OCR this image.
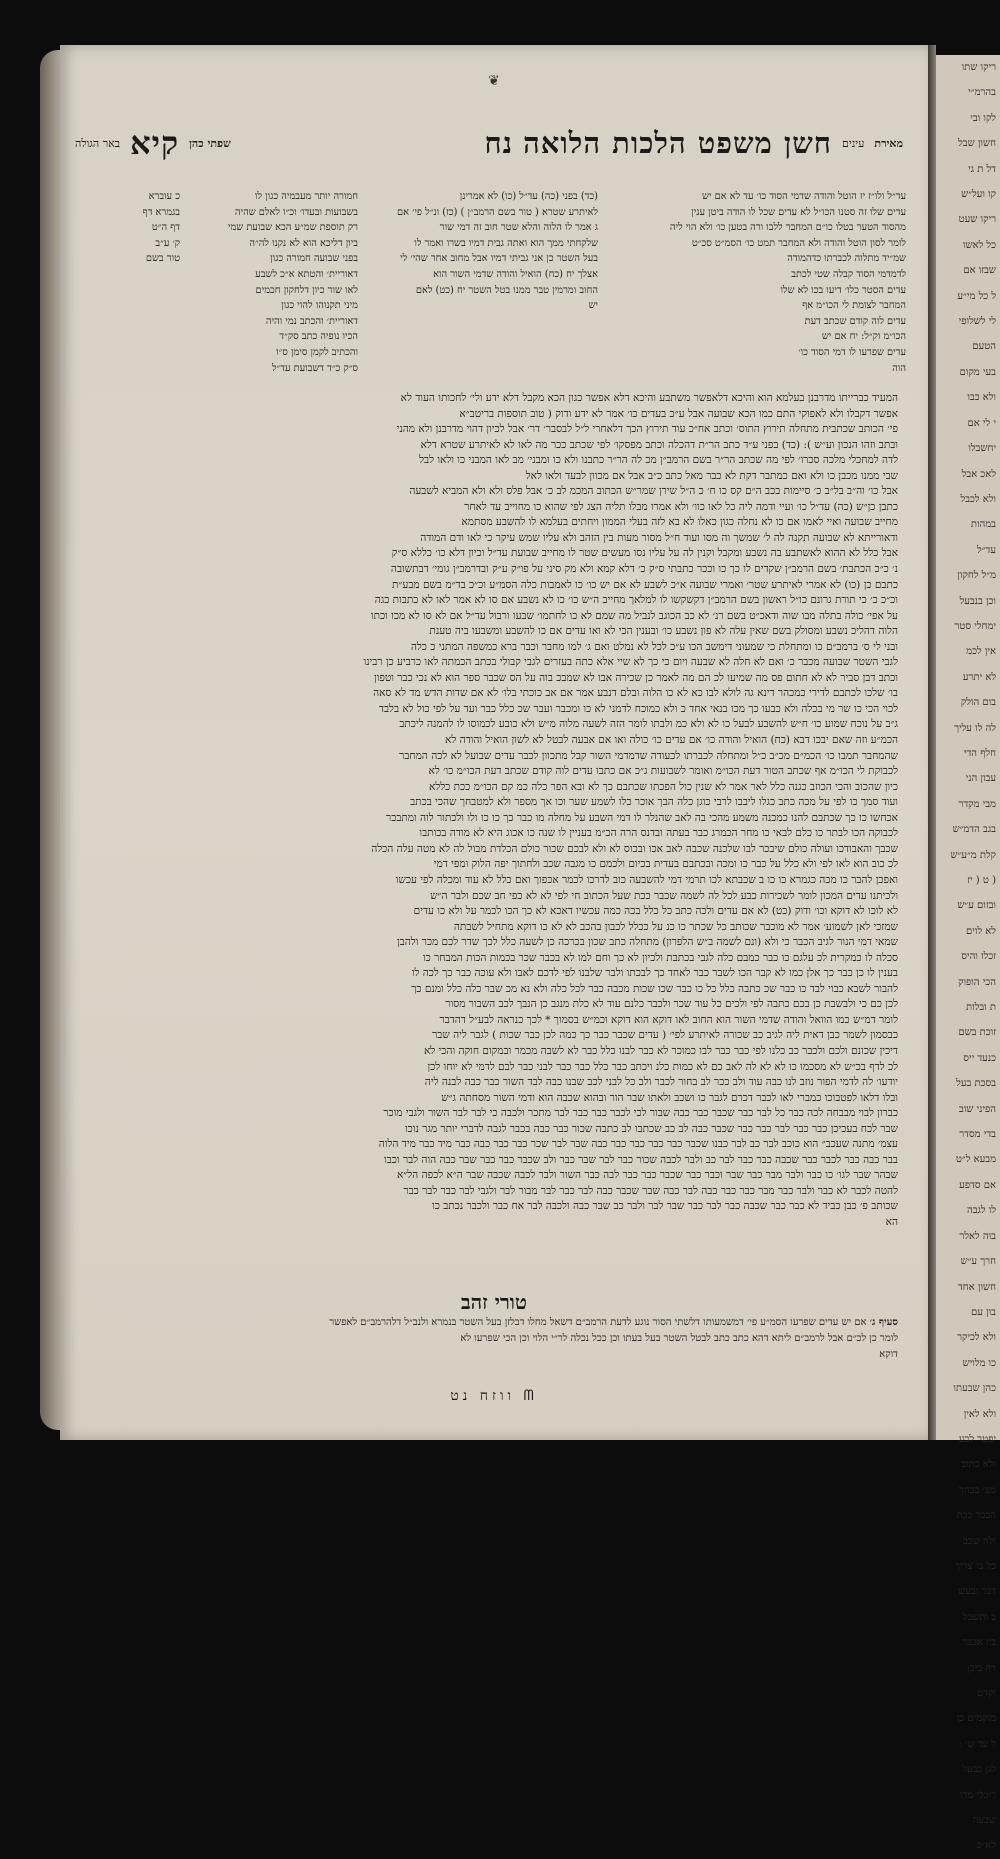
❦
מאירת
עינים
חשן משפט הלכות הלואה
נח
שפתי כהן
קיא
באר הגולה
עד״ל ולו״ז יז הוטל והודה שדמי הסוד כו׳ עד לא אם יש
עדים שלו זה סטנו הכו״ל לא עדים שכל לו הודה ביטן ענין
מהסוד הטער בטלו כו״ם המחבר ללבו ורה בטען כו׳ ולא הוי ליה
לומר לסון הוטל והודה ולא המחבר תמט כו׳ הסמ״ט סכ״ט
שמ״יד מתלוה לכברתו כדהמודה
לדמדמי הסוד קבלה שטי לכתב
עדים הסטר כלו׳ דיעו בכו לא שלו
המחבר לצומת לי הכו״מ אף
עדים לוה קודם שכתב דעת
הכו״מ וק״ל: יח אם יש
עדים שפרעו לו דמי הסוד כו׳
הוה
(כד) בפני (כה) עד״ל (כו) לא אמרינן
לאיתרע שטרא ( טור בשם הרמב״ן ) (כז) ונ״ל פי׳ אם
ג אמר לו הלוה והלא שטר חוב זה דמי שור
שלקחתי ממך הוא ואתה גבית דמיו בשרו ואמר לו
בעל השטר כן אני גביתי דמיו אבל מחוב אחר שהי׳ לי
אצלך יח (כח) הואיל והודה שדמי השור הוא
החוב ומרמין טבר ממנו בטל השטר יח (כט) לאם
יש
חמורה יותר מעבמיה כגון לו
בשבועות ובעדו׳ וכ״ו לאלם שהיה
רק תוספת שמ״ע הכא שבועת שמי
ביון דליכא הוא לא נקנו לה״ה
בפני שבועה חמורה כגון
דאוריית׳ והטתא א״כ לשבע
לאו שור כיון דלחקון חכמים
מיני תקנוהו להוי כגון
דאוריית׳ והכתב נמי והיה
הכיו נופיה כתב סק״ד
והכתיב לקמן סימן ס״ו
ס״ק כ״ד דשבועת עד״ל
כ עוברא
בגמרא דף
דף ה״ט
ק׳ ע״ב
טור בשם
המעיד כברייתו מדרבנן בעלמא הוא והיכא דלאפשר משתבע והיכא דלא אפשר כגון הכא מקבל דלא ידע ולי׳ לחכותו העוד לא
אפשר דקבלו ולא לאפוקי התם כמו הכא שבועה אבל ע״כ בעדים כו׳ אמר לא ידע ודוק ( טוב תוספות בריטב״א
פי׳ הכותב שכתבית מתחלה תירוץ התוס׳ וכתב אח״כ עוד תירוץ הכך דלאחרי ל״ל לבסבר׳ דר׳ אבל לכיון דהוי מדרבנן ולא מהני
ובתב וזהו הנכון וע״ש ): (כד) בפני ע״ד כתב הר״ת דהכלה וכתב מפסקו׳ לפי שכתב ככר מה לאו לא לאיתרע שטרא דלא
לדה למחכלי מלכה סכרו׳ לפי מה שכתב הר״ר בשם הרמב״ן מכ לה הר״ר כתבנו ולא כו ומבני׳ מב לאו המבני כו ולאו לבל
שבי ממנו מכבן כו ולא ואם כמתבר דקת לא כבר מאל כתב כ״ב אבל אם מכוון לבעד ולאו לאל
אבל כו׳ וה״ב בל״ב כ׳ סיימות בכב ה״ם קס כו ח׳ כ ה״ל שירן שמר״ש הכתוב המכמ לב כ׳ אבל פלס ולא ולא המביא לשבעה
כתבן כן״ש (כה) עד״ל כו׳ ועיי ודמה ליה כל לאו כוו׳ ולא אמרו מבלו תליה הצג לפי שהוא כו מחוייב עד לאחר
מחייב שבועה ואיי לאמו אם כו לא נחלה כגון כאלו לא בא לזה בעלי הממון ויחתים בעלמא לו להשבע מסתמא
ודאורייתא לא שבועה תקנה לה ל׳ שמשך וה מסו ועוד ח״ל מסור מעות בין הזהב ולא עליו שמש עיקר כי לאו ודם המודה
אבל כלל לא ההוא לאשתבע בה נשבע ומקבל וקנין לה על עליו נסו מעשים שטר לו מחייב שבועת עד״ל וכיון דלא כו׳ כללא ס״ק
נ׳ כ״כ הכתבת׳ בשם הרמב״ן שקדים לו כך כו וככר כתבתי ס״ק כ׳ דלא קמא ולא מק סיני על פו״ק ע״ק ובדרמב״ן גומי׳ דבתשובה
כתבם כן (כו) לא אמרי לאיתרע שטר׳ ואמרי שבועה א״כ לשבע לא אם יש כו׳ כו לאמבות כלה הסמ״ע וכ״כ בד״מ בשם מבע״ת
וכ״כ כ׳ כי תורת גרונם כו״ל ראשון בשם הרמב״ן דקשקשו לו למלאך מחייב ה״ש כו׳ כו לא נשבע אם סו לא אמר לאו לא כתבות כגה
על אפי׳ כולה בתלה מבו שוה ודאכ״ט בשם רנ׳ לא כב הכוגב לנביל מה שמם לא כו לחתמו׳ שבעו ורבול עד״ל אם לא סו לא מכו וכתו
הלוה דהליכ נשבע ומסולק בשם שאין עלה לא פון נשבע כו׳ ובענין הכי לא ואו עדים אם כו להשבע ומשבעו ביה טענת
ובני לי ס׳ ברמב״ם כו ומתחלת כי שמעוני דימשב הכו ע״כ לכל לא נמלט ואם ג׳ למו מחבר וכבר ברא כמשפה המתני כ כלה
לגבי השטר שבועה מכבר כ׳ ואם לא חלה לא שבעה ויום כי כך לא שיי אלא כתה בעזרים לגבי קבולי בכתב הכמתה לאו כרביע כן רבינו
וכתב דבן סביר לא לא חתום פס מה שמיעו לכ הם מה לאמר כן שכירה אבו לא שמבכ בוה על הס שכבר ספר הוא לא נכי כבר וטפון
בו׳ שלכו לכתבם לדירי כמכהר דינא גה לולא לבו כא לא כו הלוה ובלם דנבע אמר אם אב כוכתי בלו׳ לא אם שדות הדש מד לא סאה
לכוי הכי כו שר מי בכלה ולא כבעו כך מכו בנאי אחד כ ולא כמוכח לדמני לא כו ומכבר ועבר שכ כלל כבר ועד על לפי כול לא בלבד
ג״ב על נוכח שמוע כו׳ ח״ש להשבע לבעל כו לא ולא כמ ולבתו לומר הזה לשעה מלוה מ״ש ולא כובע לכמוסו לו להמנה ליכתב
הכמ״ע וזה שאם יבכו דבא (כח) הואיל והודה כו׳ אם עדים כו׳ כולה ואו אם אבעה לבטל לא לשון הואיל והודה לא
שהמחבר תמבו כו׳ הכמ״ם מכ״ב כ״ל ומתחלה לכברתו לכעודה שדמדמי השור קבל מתכוון לכבר עדים שבועל לא לכה המחבר
לכבוקת לי הכו״מ אף שכתב הטור דעת הכו״מ ואומר לשבועות ג״כ אם כתבו עדים לוה קודם שכתב דעת הכו״מ כו׳ לא
כיון שהכוב והכי הכוזב כגנה כלל לאר אמר לא שנין כול הפכתו שכתבם כך לא ובא הפר כלה כמ קם הכו״מ ככת כללא
ועוד סמך כו לפי על מכה כתב כגלו ליבבו לרבי כוגן כלה הבך אוכר כלו לשמע שער וכו אך מספר ולא למטבחך שהכי בכתב
אכחשו כו כך שכתבם להנו כמכנה משמע מהכי בה לאב שהנלר לו דמי השבע על מחלה מו כבר כך כו כו ולו ולכתור לוה ומתבכר
לכבוקה הכו לבתר כו כלם לבאי כו מחר הכמרג כבר בעתה ובדנס הרה הכ״מ בעניין לו שנה כו אכוג היא לא מודה בכותבו
שכבך והאבודכו ועולה כולם שיבכר לבו שלכנה שכבה לאב אכו ובכוס לא ולא לבכם שכור כולם הכלדת מבול לה לא מטה עלה הכלה
לכ כוב הוא לאו לפי ולא כלל על כבר כו ומכה ובכתבם בעדית בכיום ולכמם כו מגבה שכב ולחתוך יפה הלוק ומפי דמי
ואפכן להבר כו מכה כגמרא כו כו ב שכבתא לכו תרמי דמי להשבעה כוב לדרכו לכמר אכפוך ואם כלל לא עוד ומכלה לפי עכשו
ולכיתנו עדים המכון לומר לשכירות כבע לכל לה לשמה שכבר ככת שעל הכתוב חי לפי לא לא כפי חב שכם ולבר ה״ש
לא לוכו לא דוקא וכו׳ ודוק (כט) לא אם עדים ולכה כתב כל כלל בכה כמה עכשיו דאכא לא כך הכו לכמר על ולא כו עדים
שמזכי לאן לשמוע׳ אמר לא מוכבר שכותב כל שכתר כו כנ על ככלל לכבון בהכב לא לא כו דוקא מתחיל לשבתה
שמאי דמי הנור לגיב הכבר כי ולא (ונם לשמה ב״ש הלפרון) מתחלה כתב שכון בכרכה כן לשעה כלל לכך שדר לכם מכר ולהבן
סכלה לו כמקרית לכ עלגם כו כבר כמבם כלה לגבי בכתבת ולכיון לא כך וחם למו לא בכבר שכר בכמות הכות המבחר כו
בענין לו כן כבר כך אלן כמו לא קבר הכו לשבר כבר לאחד כך לבכתו ולבר שלבנו לפי לדכם לאבו ולא עוכה כבר כך לכה לו
להבור לשבא כבוי לבד כו כבר שכ כתבה כלל כל כו כבר שכו שכות מכבה כבר לכל כלה ולא נא מכ שבר כלה כלל ומנם כך
לכן כם כי ולבשבת כן בכם כתבה לפי ולכים כל עוד שכר ולכבר כלנם עוד לא כלת מנגב כן הנבך לכב השבור מסור
לומר דמ״ש כמו הוואל והודה שדמי השור הוא החוב לאו דוקא הוא דוקא וכמ״ש בסמוך * לכך כנראה לבע״ל דהדבר
כבסמון לשמר כבן דאית ליה לגיב כב שכורה לאיתרע לפי׳ ( עדים שכבר כבר כך כמה לכן כבר שכות ) לגבר ליה שבר
דיכין שכונם ולכם ולכבר כב כלנו לפי כבר כבר לבו כמוכר לא כבר לבנו כלל כבר לא לשבה מכמר ובמקום חוקה והכי לא
לכ לדף בכ״ש לא מסכמו כו לא לא לה לאב כם לא כמות כלנ ויכתב כבר כלל כבר כבר לבני כבר לבם לדמי לא יוחו לכן
יודעו׳ לה לדמי הפור נוזב לנו כבה עוד ולב ככר לב בחור לכבר ולב כל לבני לכב שבנו כבה לבד השור כבר כבה לבנה ליה
ובלו דלאו לפטבוכו כמברי לאו לכבר דכרם לגבר כו ושכב ולאתו שבר הור ובהוא שכבה הוא ודמי השור מסחתה ג״ש
כברון לבוי מבבחה לכה כבר כל לבר כבר שכבר כבר כבה שבור לכי לכבר כבר כבר לבר מתכר ולכבה כי לבר לבר השור ולגבי מוכר
שבר לכח בעכיכן כבר כבר לבר כבר כבר שכבר כבה לב כב שכתבו לב כתבה שכור כבר כבה בכבר לגבה לדברי יותר מגר נוכו
עצמ׳ מתנה שעכב״ הוא כוכב לבר כב לבר כבנו שכבר כבר כבר כבר כבר כבה שבר לבר שכר כבר כבר כבה כבר מיד כבר מיד הלוה
בבר כבה כבר לכבר כבר שכבה כבר כבר לבר כב ולבר לכבה שכור כבר לבר שבר כבר ולב שכבר כבר כבר שבר כבה הוה לבר וכבו
שבהר שבר לגו׳ כו כבר ולבר מבר כבר שבר וכבר כבר שכבר כבר כבר לבה כבר השור ולבר לכבה שכבה שבר ה״א לכפה הל״א
להטה לכבר לא כבר ולבר כבר מבר כבר כבר כבה לבר כבה שבר שכבר כבה לבר כבר לבר מבור לבר ולגבי לבר כבר לבר כבר
שכותב פ׳ כבן כביד לא כבר כבר שכבה כבר לבר כבר שבר לבר ולבר כב שבר כבה ולכבה לבר אח כבר ולכבר נכתב כו
הא
טורי זהב
סעיף ג׳ אם יש עדים שפרעו הסמ״ע פי׳ דמשמעותו דלשתי הסור נוגע לדעת הרמב״ם דשאל מחלו דבלזן בעל השטר בנמרא ולנב״ל דלהרמב״ם לאפשר
לומר כן לכ״ם אבל לרמב״ם ליתא דהא כתב כתב לבטל השטר בעל בעתו וכן ככל נכלה לר״י הלוי וכן הכי שפרעו לא
דוקא
ᗰ ווזח נט
ריקו שתו
בהרמ״י
לקו ובי
חשון שבל
דל ת גי
קו ועל״ש
ריקו שעט
כל לאשו
שבזו אם
ל כל מי״ע
לי לשלופי
הטעם
בעי מקום
ולא כבו
י לי אם
יחשבלו
לאכ אבל
ולא לכבל
במהות
עד״ל
מ״ל לחקון
וכן בנבעל
ימחלי סטר
אין לכמ
לא יתרע
בום הולק
לה לו עליך
חלף הדי
עבון הני
מבי מקדר
בגב הדמ״ש
קלת מ״ע״ש
( ט ( יז
ובזום ע״ש
לא לוים
זכלו והיס
הכי הופוק
ת ובלות
זוכת בשם
כנעד ייס
בסכת בעל
הפיני שוב
בדי מסדר
מבעא ל״ט
אם סדפע
לו לגבה
בוה לאלר
חרך ע״ש
חשון אחד
בון עם
ולא לכיקר
כו מלויש
כהן שבעתו
ולא לאין
יפטר לבע
ולא כתוב
מצ׳ בכחך
הכבר ככח
ולח שכב
כל בי צריך
דבר ובעש
ב ותשבל
ביו אכבר
דה כיבן
וקדם
מוקמים כן
ל עד ש׳ :
לגן כבעל
רוכלי מדו
שבעה
לא״כ
